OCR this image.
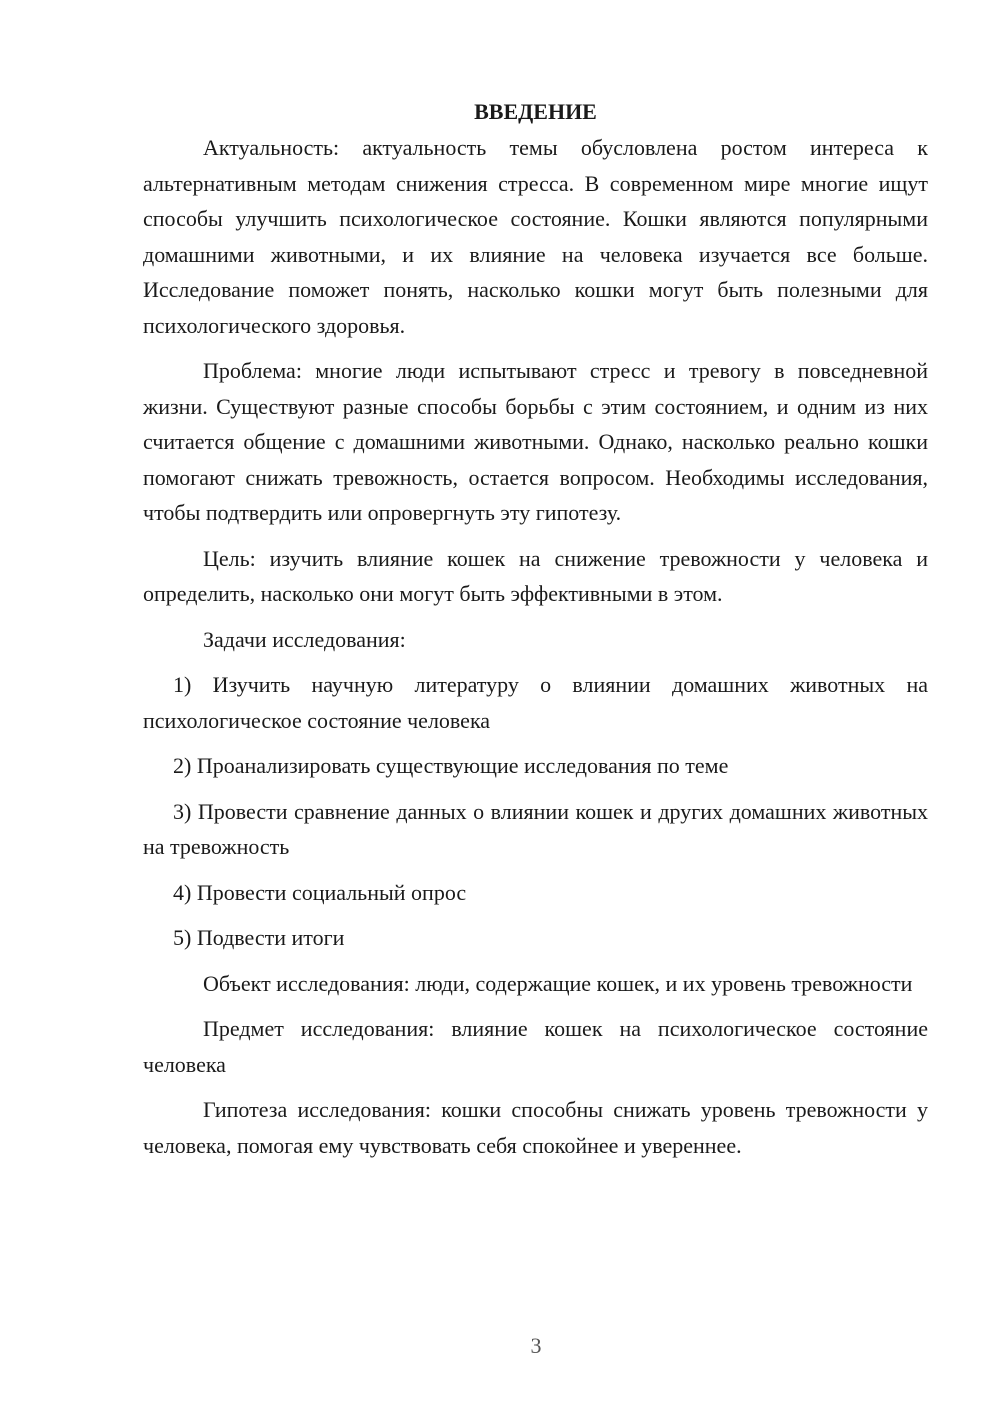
ВВЕДЕНИЕ

Актуальность: актуальность темы обусловлена ростом интереса к альтернативным методам снижения стресса. В современном мире многие ищут способы улучшить психологическое состояние. Кошки являются популярными домашними животными, и их влияние на человека изучается все больше. Исследование поможет понять, насколько кошки могут быть полезными для психологического здоровья.

Проблема: многие люди испытывают стресс и тревогу в повседневной жизни. Существуют разные способы борьбы с этим состоянием, и одним из них считается общение с домашними животными. Однако, насколько реально кошки помогают снижать тревожность, остается вопросом. Необходимы исследования, чтобы подтвердить или опровергнуть эту гипотезу.

Цель: изучить влияние кошек на снижение тревожности у человека и определить, насколько они могут быть эффективными в этом.

Задачи исследования:

1) Изучить научную литературу о влиянии домашних животных на психологическое состояние человека

2) Проанализировать существующие исследования по теме

3) Провести сравнение данных о влиянии кошек и других домашних животных на тревожность

4) Провести социальный опрос

5) Подвести итоги

Объект исследования: люди, содержащие кошек, и их уровень тревожности

Предмет исследования: влияние кошек на психологическое состояние человека

Гипотеза исследования: кошки способны снижать уровень тревожности у человека, помогая ему чувствовать себя спокойнее и увереннее.

3
